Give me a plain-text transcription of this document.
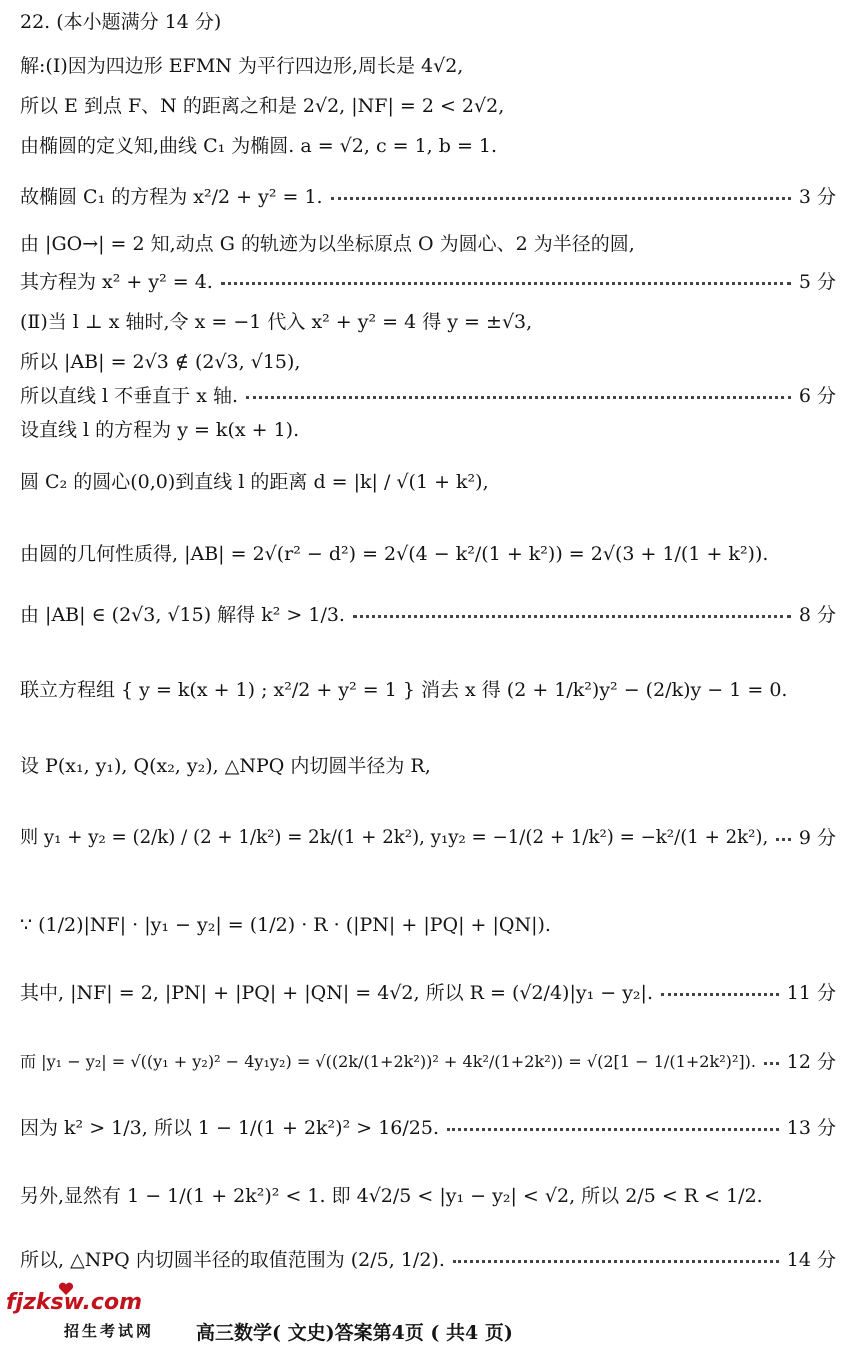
22. (本小题满分 14 分)
解:(Ⅰ)因为四边形 EFMN 为平行四边形,周长是 4√2,
所以 E 到点 F、N 的距离之和是 2√2, |NF| = 2 < 2√2,
由椭圆的定义知,曲线 C₁ 为椭圆. a = √2, c = 1, b = 1.
故椭圆 C₁ 的方程为 x²/2 + y² = 1.	3 分
由 |GO→| = 2 知,动点 G 的轨迹为以坐标原点 O 为圆心、2 为半径的圆,
其方程为 x² + y² = 4.	5 分
(Ⅱ)当 l ⊥ x 轴时,令 x = −1 代入 x² + y² = 4 得 y = ±√3,
所以 |AB| = 2√3 ∉ (2√3, √15),
所以直线 l 不垂直于 x 轴.	6 分
设直线 l 的方程为 y = k(x + 1).
圆 C₂ 的圆心(0,0)到直线 l 的距离 d = |k| / √(1 + k²),
由圆的几何性质得, |AB| = 2√(r² − d²) = 2√(4 − k²/(1 + k²)) = 2√(3 + 1/(1 + k²)).
由 |AB| ∈ (2√3, √15) 解得 k² > 1/3.	8 分
联立方程组 { y = k(x + 1) ; x²/2 + y² = 1 } 消去 x 得 (2 + 1/k²)y² − (2/k)y − 1 = 0.
设 P(x₁, y₁), Q(x₂, y₂), △NPQ 内切圆半径为 R,
则 y₁ + y₂ = (2/k) / (2 + 1/k²) = 2k/(1 + 2k²), y₁y₂ = −1/(2 + 1/k²) = −k²/(1 + 2k²), 9 分
∵ (1/2)|NF| · |y₁ − y₂| = (1/2) · R · (|PN| + |PQ| + |QN|).
其中, |NF| = 2, |PN| + |PQ| + |QN| = 4√2, 所以 R = (√2/4)|y₁ − y₂|.	11 分
而 |y₁ − y₂| = √((y₁ + y₂)² − 4y₁y₂) = √((2k/(1+2k²))² + 4k²/(1+2k²)) = √(2[1 − 1/(1+2k²)²]). 12 分
因为 k² > 1/3, 所以 1 − 1/(1 + 2k²)² > 16/25.	13 分
另外,显然有 1 − 1/(1 + 2k²)² < 1. 即 4√2/5 < |y₁ − y₂| < √2, 所以 2/5 < R < 1/2.
所以, △NPQ 内切圆半径的取值范围为 (2/5, 1/2).	14 分
fjzksw.com
招生考试网 高三数学( 文史)答案第4页 ( 共4 页)
